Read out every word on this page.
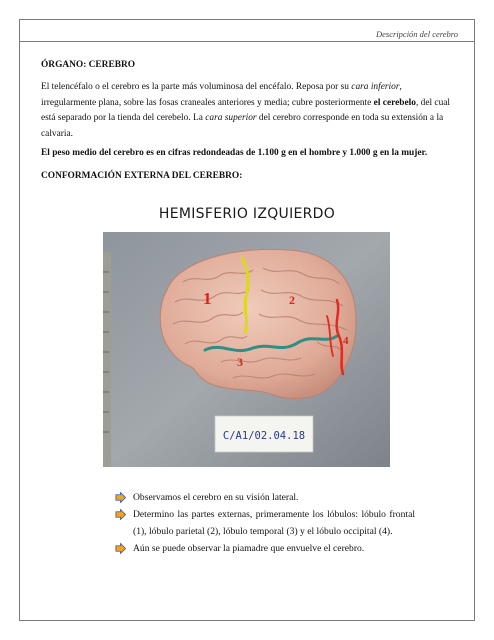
Descripción del cerebro
ÓRGANO: CEREBRO
El telencéfalo o el cerebro es la parte más voluminosa del encéfalo. Reposa por su cara inferior, irregularmente plana, sobre las fosas craneales anteriores y media; cubre posteriormente el cerebelo, del cual está separado por la tienda del cerebelo. La cara superior del cerebro corresponde en toda su extensión a la calvaria.
El peso medio del cerebro es en cifras redondeadas de 1.100 g en el hombre y 1.000 g en la mujer.
CONFORMACIÓN EXTERNA DEL CEREBRO:
HEMISFERIO IZQUIERDO
1	2
3
4
C/A1/02.04.18
Observamos el cerebro en su visión lateral.
Determino las partes externas, primeramente los lóbulos: lóbulo frontal (1), lóbulo parietal (2), lóbulo temporal (3) y el lóbulo occipital (4).
Aún se puede observar la piamadre que envuelve el cerebro.
